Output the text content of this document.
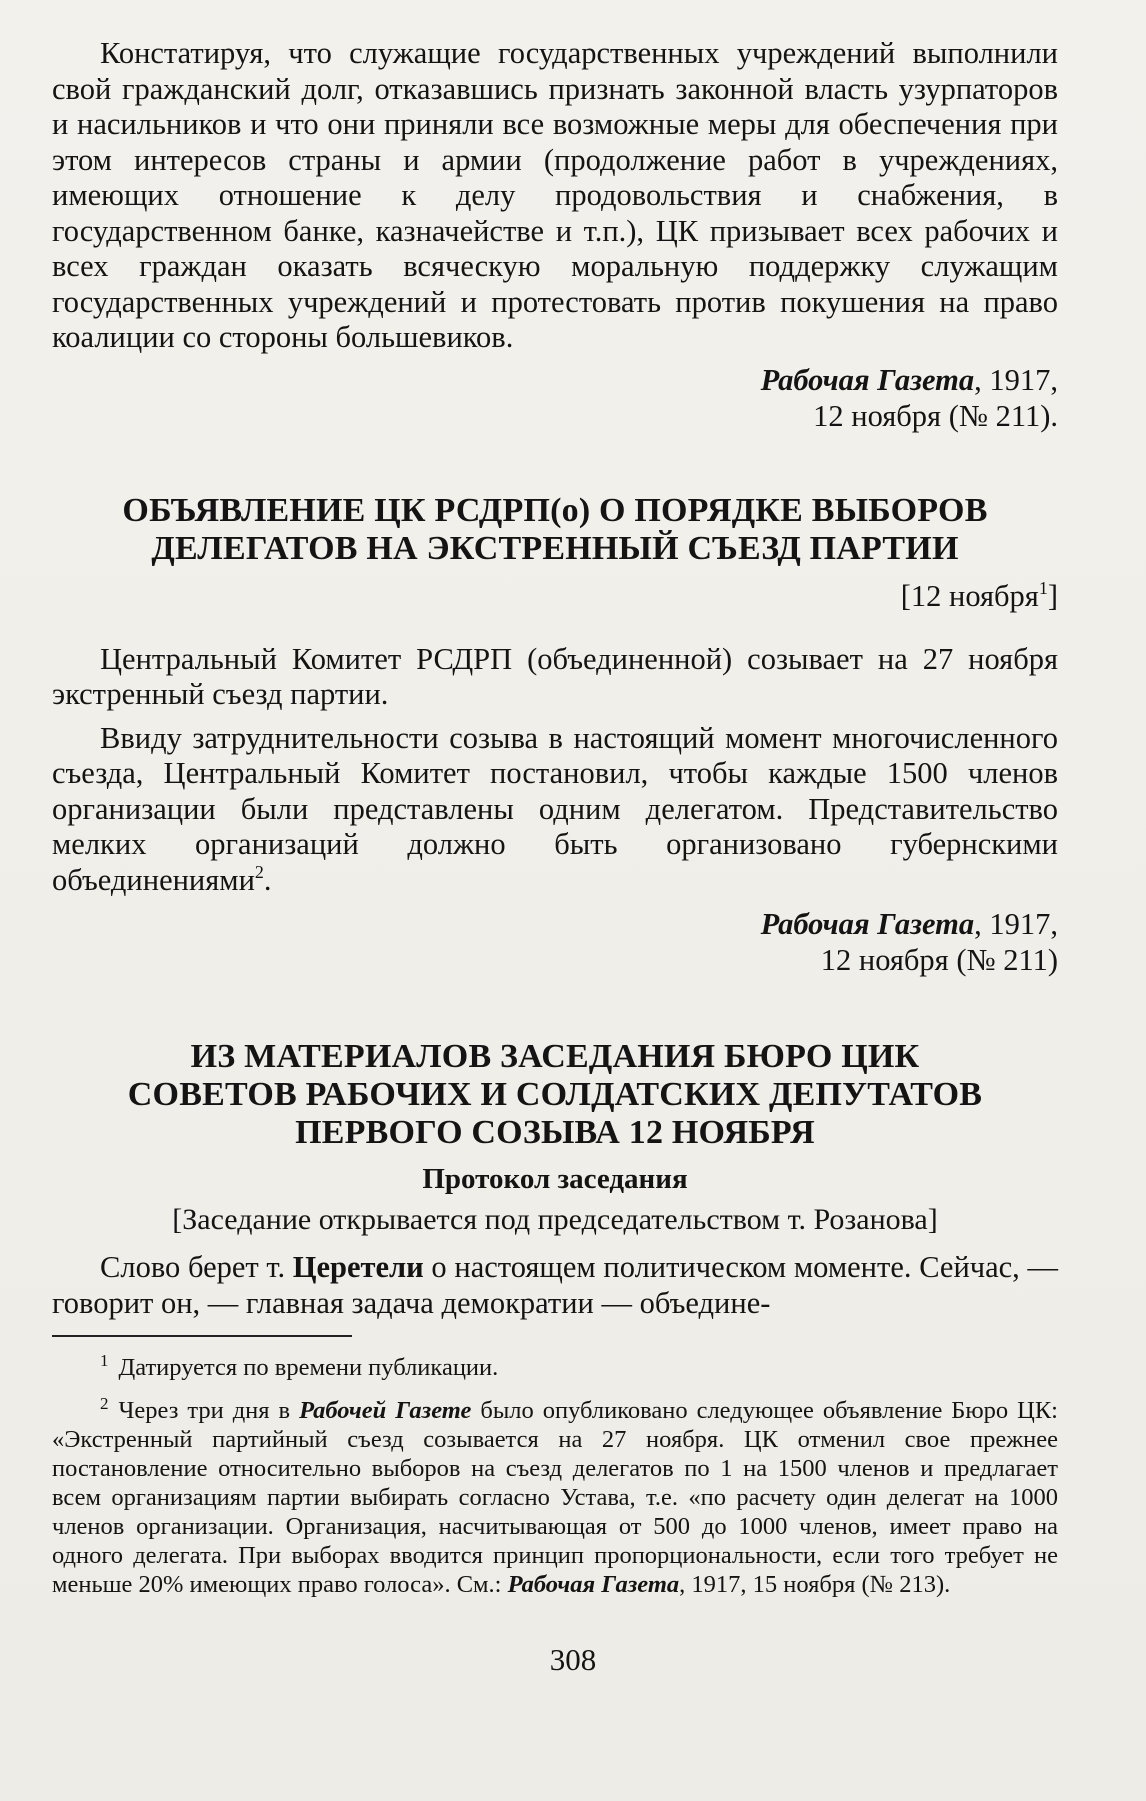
Констатируя, что служащие государственных учреждений выполнили свой гражданский долг, отказавшись признать законной власть узурпаторов и насильников и что они приняли все возможные меры для обеспечения при этом интересов страны и армии (продолжение работ в учреждениях, имеющих отношение к делу продовольствия и снабжения, в государственном банке, казначействе и т.п.), ЦК призывает всех рабочих и всех граждан оказать всяческую моральную поддержку служащим государственных учреждений и протестовать против покушения на право коалиции со стороны большевиков.

Рабочая Газета, 1917,
12 ноября (№ 211).
ОБЪЯВЛЕНИЕ ЦК РСДРП(о) О ПОРЯДКЕ ВЫБОРОВ
ДЕЛЕГАТОВ НА ЭКСТРЕННЫЙ СЪЕЗД ПАРТИИ
[12 ноября$^1$]

Центральный Комитет РСДРП (объединенной) созывает на 27 ноября экстренный съезд партии.

Ввиду затруднительности созыва в настоящий момент многочисленного съезда, Центральный Комитет постановил, чтобы каждые 1500 членов организации были представлены одним делегатом. Представительство мелких организаций должно быть организовано губернскими объединениями$^2$.

Рабочая Газета, 1917,
12 ноября (№ 211)
ИЗ МАТЕРИАЛОВ ЗАСЕДАНИЯ БЮРО ЦИК
СОВЕТОВ РАБОЧИХ И СОЛДАТСКИХ ДЕПУТАТОВ
ПЕРВОГО СОЗЫВА 12 НОЯБРЯ
Протокол заседания
[Заседание открывается под председательством т. Розанова]

Слово берет т. Церетели о настоящем политическом моменте. Сейчас, — говорит он, — главная задача демократии — объедине-

$^1$ Датируется по времени публикации.

$^2$ Через три дня в Рабочей Газете было опубликовано следующее объявление Бюро ЦК: «Экстренный партийный съезд созывается на 27 ноября. ЦК отменил свое прежнее постановление относительно выборов на съезд делегатов по 1 на 1500 членов и предлагает всем организациям партии выбирать согласно Устава, т.е. «по расчету один делегат на 1000 членов организации. Организация, насчитывающая от 500 до 1000 членов, имеет право на одного делегата. При выборах вводится принцип пропорциональности, если того требует не меньше 20% имеющих право голоса». См.: Рабочая Газета, 1917, 15 ноября (№ 213).

308
